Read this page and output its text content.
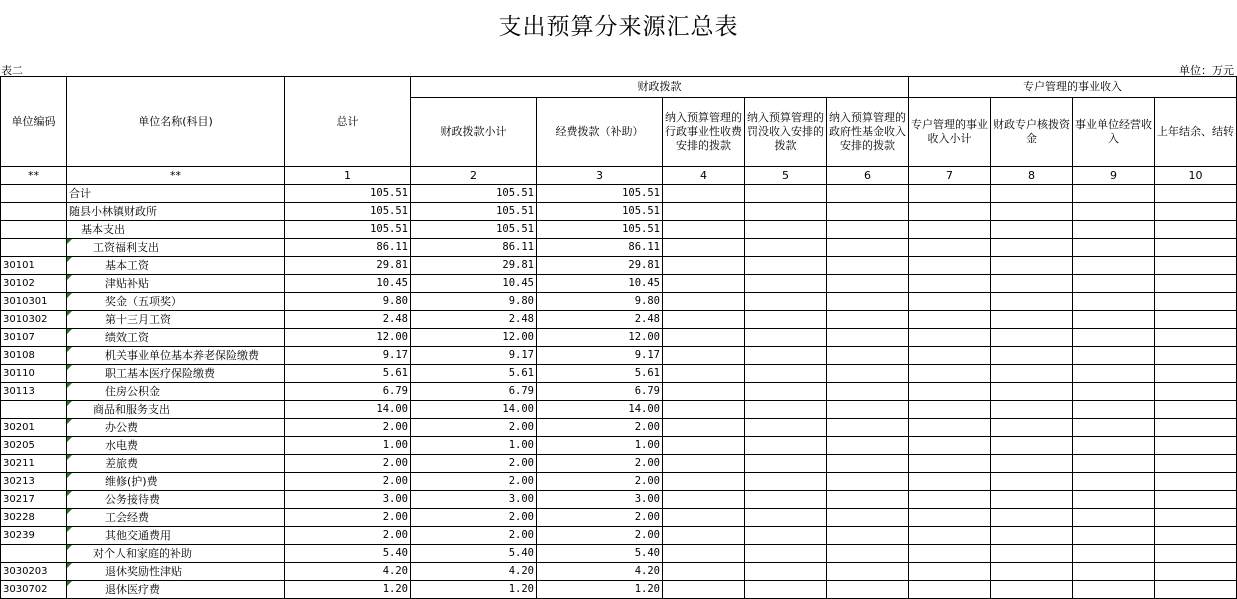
支出预算分来源汇总表
表二	单位：万元
单位编码	单位名称(科目)	总计	财政拨款					专户管理的事业收入			
			财政拨款小计	经费拨款（补助）	纳入预算管理的行政事业性收费安排的拨款	纳入预算管理的罚没收入安排的拨款	纳入预算管理的政府性基金收入安排的拨款	专户管理的事业收入小计	财政专户核拨资金	事业单位经营收入	上年结余、结转
**	**	1	2	3	4	5	6	7	8	9	10
	合计	105.51	105.51	105.51							
	随县小林镇财政所	105.51	105.51	105.51							
	基本支出	105.51	105.51	105.51							
	工资福利支出	86.11	86.11	86.11							
30101	基本工资	29.81	29.81	29.81							
30102	津贴补贴	10.45	10.45	10.45							
3010301	奖金（五项奖）	9.80	9.80	9.80							
3010302	第十三月工资	2.48	2.48	2.48							
30107	绩效工资	12.00	12.00	12.00							
30108	机关事业单位基本养老保险缴费	9.17	9.17	9.17							
30110	职工基本医疗保险缴费	5.61	5.61	5.61							
30113	住房公积金	6.79	6.79	6.79							
	商品和服务支出	14.00	14.00	14.00							
30201	办公费	2.00	2.00	2.00							
30205	水电费	1.00	1.00	1.00							
30211	差旅费	2.00	2.00	2.00							
30213	维修(护)费	2.00	2.00	2.00							
30217	公务接待费	3.00	3.00	3.00							
30228	工会经费	2.00	2.00	2.00							
30239	其他交通费用	2.00	2.00	2.00							
	对个人和家庭的补助	5.40	5.40	5.40							
3030203	退休奖励性津贴	4.20	4.20	4.20							
3030702	退休医疗费	1.20	1.20	1.20							
